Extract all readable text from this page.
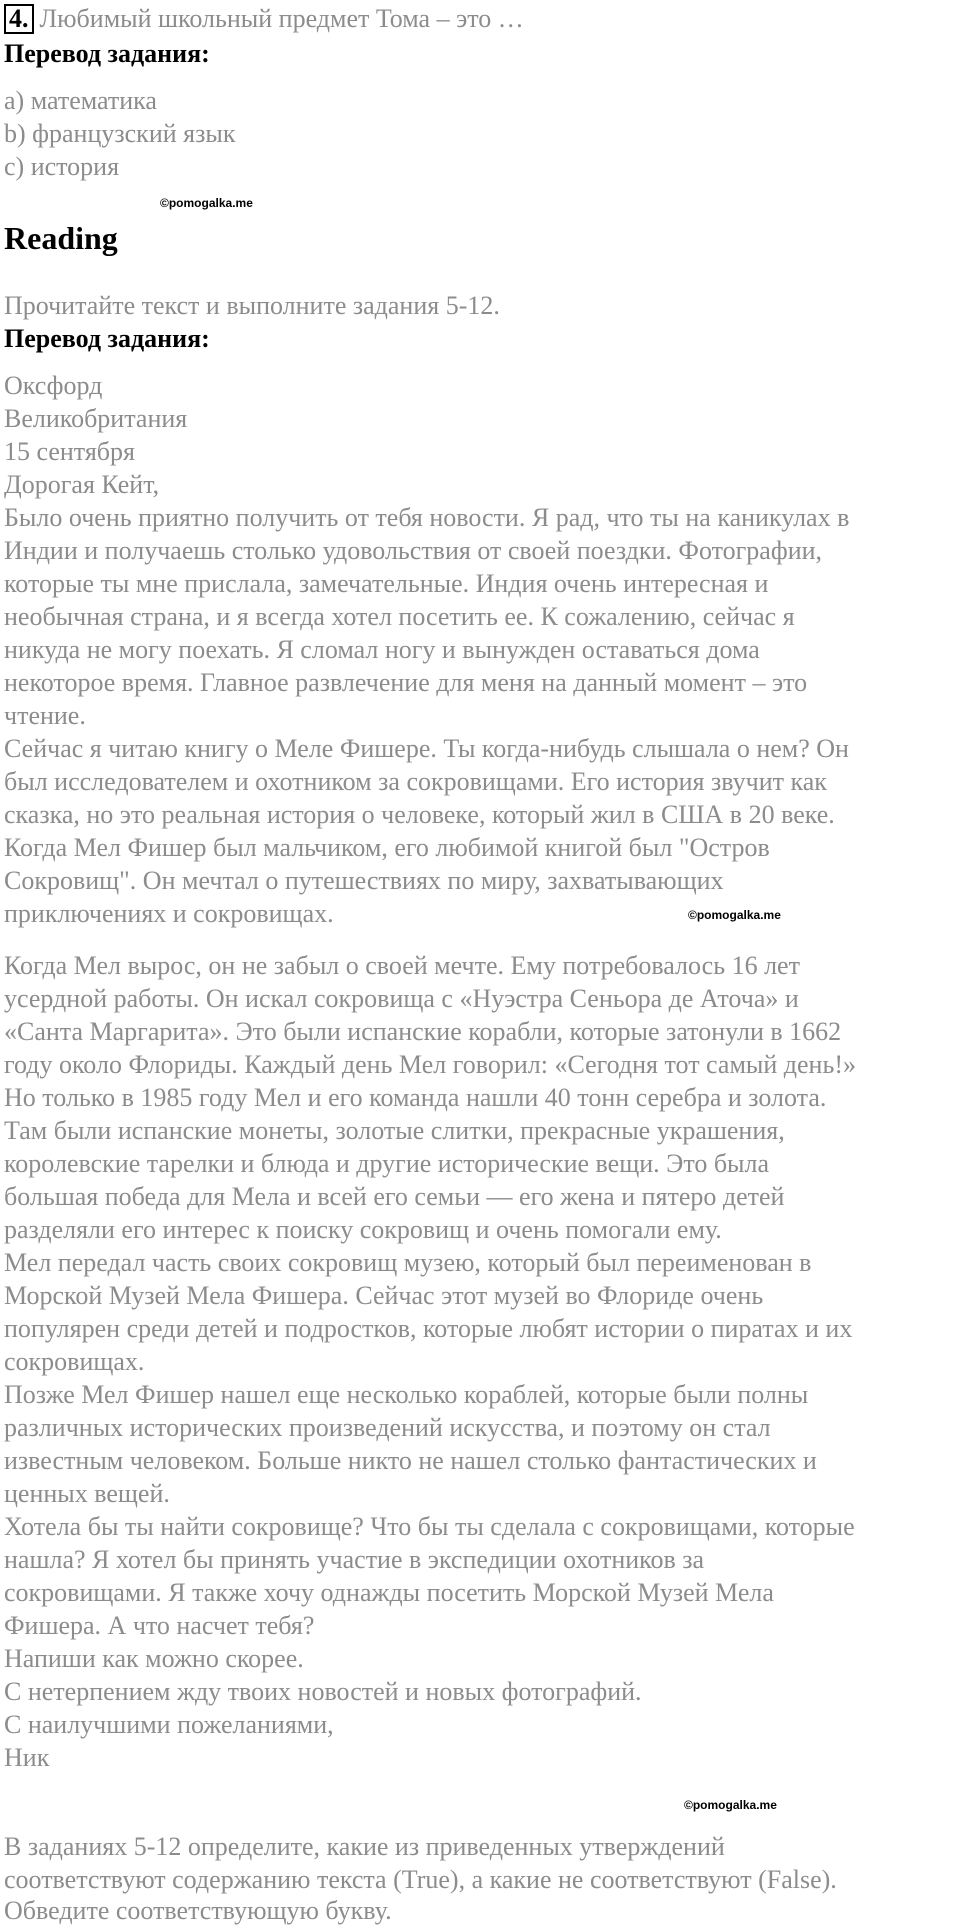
4. Любимый школьный предмет Тома – это …
Перевод задания:
a) математика
b) французский язык
c) история
©pomogalka.me
Reading
Прочитайте текст и выполните задания 5-12.
Перевод задания:
Оксфорд
Великобритания
15 сентября
Дорогая Кейт,
Было очень приятно получить от тебя новости. Я рад, что ты на каникулах в
Индии и получаешь столько удовольствия от своей поездки. Фотографии,
которые ты мне прислала, замечательные. Индия очень интересная и
необычная страна, и я всегда хотел посетить ее. К сожалению, сейчас я
никуда не могу поехать. Я сломал ногу и вынужден оставаться дома
некоторое время. Главное развлечение для меня на данный момент – это
чтение.
Сейчас я читаю книгу о Меле Фишере. Ты когда-нибудь слышала о нем? Он
был исследователем и охотником за сокровищами. Его история звучит как
сказка, но это реальная история о человеке, который жил в США в 20 веке.
Когда Мел Фишер был мальчиком, его любимой книгой был "Остров
Сокровищ". Он мечтал о путешествиях по миру, захватывающих
приключениях и сокровищах.	©pomogalka.me
Когда Мел вырос, он не забыл о своей мечте. Ему потребовалось 16 лет
усердной работы. Он искал сокровища с «Нуэстра Сеньора де Аточа» и
«Санта Маргарита». Это были испанские корабли, которые затонули в 1662
году около Флориды. Каждый день Мел говорил: «Сегодня тот самый день!»
Но только в 1985 году Мел и его команда нашли 40 тонн серебра и золота.
Там были испанские монеты, золотые слитки, прекрасные украшения,
королевские тарелки и блюда и другие исторические вещи. Это была
большая победа для Мела и всей его семьи — его жена и пятеро детей
разделяли его интерес к поиску сокровищ и очень помогали ему.
Мел передал часть своих сокровищ музею, который был переименован в
Морской Музей Мела Фишера. Сейчас этот музей во Флориде очень
популярен среди детей и подростков, которые любят истории о пиратах и их
сокровищах.
Позже Мел Фишер нашел еще несколько кораблей, которые были полны
различных исторических произведений искусства, и поэтому он стал
известным человеком. Больше никто не нашел столько фантастических и
ценных вещей.
Хотела бы ты найти сокровище? Что бы ты сделала с сокровищами, которые
нашла? Я хотел бы принять участие в экспедиции охотников за
сокровищами. Я также хочу однажды посетить Морской Музей Мела
Фишера. А что насчет тебя?
Напиши как можно скорее.
С нетерпением жду твоих новостей и новых фотографий.
С наилучшими пожеланиями,
Ник
©pomogalka.me
В заданиях 5-12 определите, какие из приведенных утверждений
соответствуют содержанию текста (True), а какие не соответствуют (False).
Обведите соответствующую букву.
